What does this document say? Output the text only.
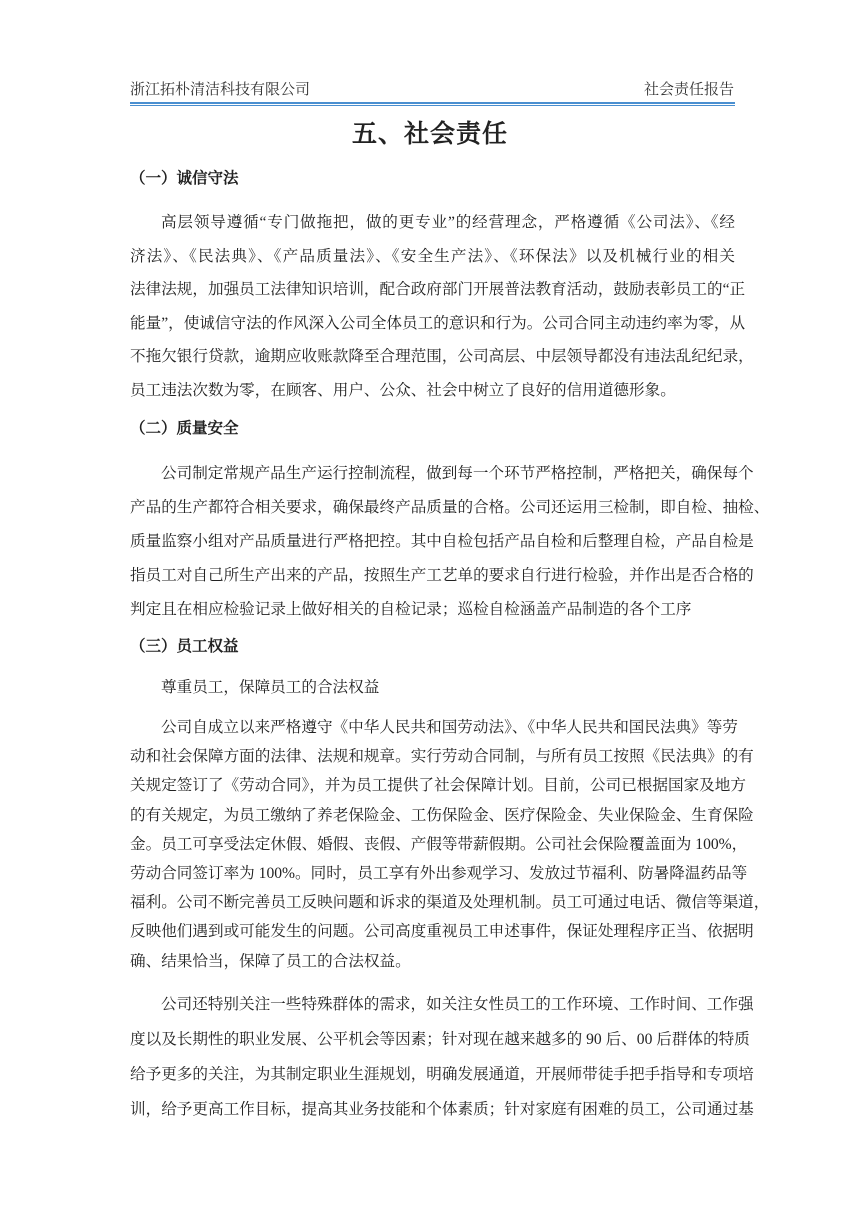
浙江拓朴清洁科技有限公司	社会责任报告
五、社会责任
（一）诚信守法
高层领导遵循“专门做拖把，做的更专业”的经营理念，严格遵循《公司法》、《经
济法》、《民法典》、《产品质量法》、《安全生产法》、《环保法》以及机械行业的相关
法律法规，加强员工法律知识培训，配合政府部门开展普法教育活动，鼓励表彰员工的“正
能量”，使诚信守法的作风深入公司全体员工的意识和行为。公司合同主动违约率为零，从
不拖欠银行贷款，逾期应收账款降至合理范围，公司高层、中层领导都没有违法乱纪纪录，
员工违法次数为零，在顾客、用户、公众、社会中树立了良好的信用道德形象。
（二）质量安全
公司制定常规产品生产运行控制流程，做到每一个环节严格控制，严格把关，确保每个
产品的生产都符合相关要求，确保最终产品质量的合格。公司还运用三检制，即自检、抽检、
质量监察小组对产品质量进行严格把控。其中自检包括产品自检和后整理自检，产品自检是
指员工对自己所生产出来的产品，按照生产工艺单的要求自行进行检验，并作出是否合格的
判定且在相应检验记录上做好相关的自检记录；巡检自检涵盖产品制造的各个工序
（三）员工权益
尊重员工，保障员工的合法权益
公司自成立以来严格遵守《中华人民共和国劳动法》、《中华人民共和国民法典》等劳
动和社会保障方面的法律、法规和规章。实行劳动合同制，与所有员工按照《民法典》的有
关规定签订了《劳动合同》，并为员工提供了社会保障计划。目前，公司已根据国家及地方
的有关规定，为员工缴纳了养老保险金、工伤保险金、医疗保险金、失业保险金、生育保险
金。员工可享受法定休假、婚假、丧假、产假等带薪假期。公司社会保险覆盖面为 100%，
劳动合同签订率为 100%。同时，员工享有外出参观学习、发放过节福利、防暑降温药品等
福利。公司不断完善员工反映问题和诉求的渠道及处理机制。员工可通过电话、微信等渠道，
反映他们遇到或可能发生的问题。公司高度重视员工申述事件，保证处理程序正当、依据明
确、结果恰当，保障了员工的合法权益。
公司还特别关注一些特殊群体的需求，如关注女性员工的工作环境、工作时间、工作强
度以及长期性的职业发展、公平机会等因素；针对现在越来越多的 90 后、00 后群体的特质
给予更多的关注，为其制定职业生涯规划，明确发展通道，开展师带徒手把手指导和专项培
训，给予更高工作目标，提高其业务技能和个体素质；针对家庭有困难的员工，公司通过基
